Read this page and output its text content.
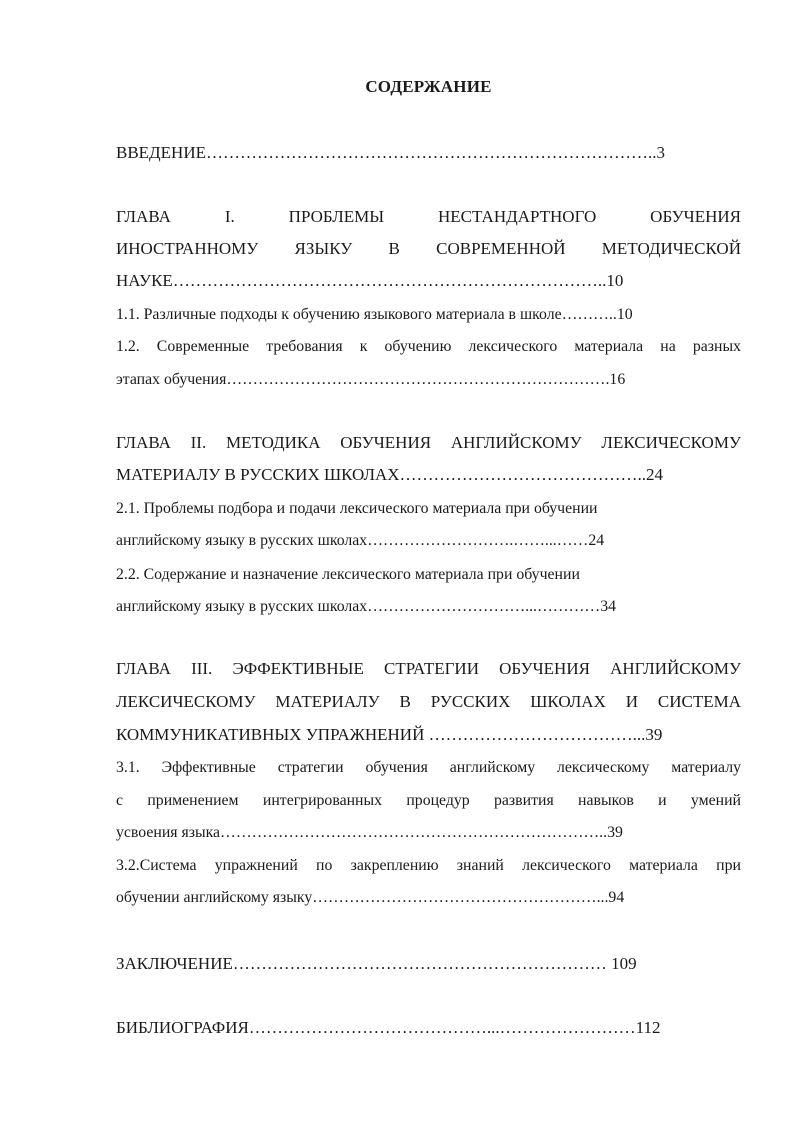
СОДЕРЖАНИЕ
ВВЕДЕНИЕ……………………………………………………………………..3
ГЛАВА I. ПРОБЛЕМЫ НЕСТАНДАРТНОГО ОБУЧЕНИЯ
ИНОСТРАННОМУ ЯЗЫКУ В СОВРЕМЕННОЙ МЕТОДИЧЕСКОЙ
НАУКЕ…………………………………………………………………..10
1.1. Различные подходы к обучению языкового материала в школе………..10
1.2. Современные требования к обучению лексического материала на разных
этапах обучения……………………………………………………………….16
ГЛАВА II. МЕТОДИКА ОБУЧЕНИЯ АНГЛИЙСКОМУ ЛЕКСИЧЕСКОМУ
МАТЕРИАЛУ В РУССКИХ ШКОЛАХ……………………………………..24
2.1. Проблемы подбора и подачи лексического материала при обучении
английскому языку в русских школах……………………….……...……24
2.2. Содержание и назначение лексического материала при обучении
английскому языку в русских школах…………………………...…………34
ГЛАВА III. ЭФФЕКТИВНЫЕ СТРАТЕГИИ ОБУЧЕНИЯ АНГЛИЙСКОМУ
ЛЕКСИЧЕСКОМУ МАТЕРИАЛУ В РУССКИХ ШКОЛАХ И СИСТЕМА
КОММУНИКАТИВНЫХ УПРАЖНЕНИЙ ………………………………...39
3.1. Эффективные стратегии обучения английскому лексическому материалу
с применением интегрированных процедур развития навыков и умений
усвоения языка………………………………………………………………..39
3.2.Система упражнений по закреплению знаний лексического материала при
обучении английскому языку………………………………………………...94
ЗАКЛЮЧЕНИЕ………………………………………………………… 109
БИБЛИОГРАФИЯ……………………………………...……………………112
